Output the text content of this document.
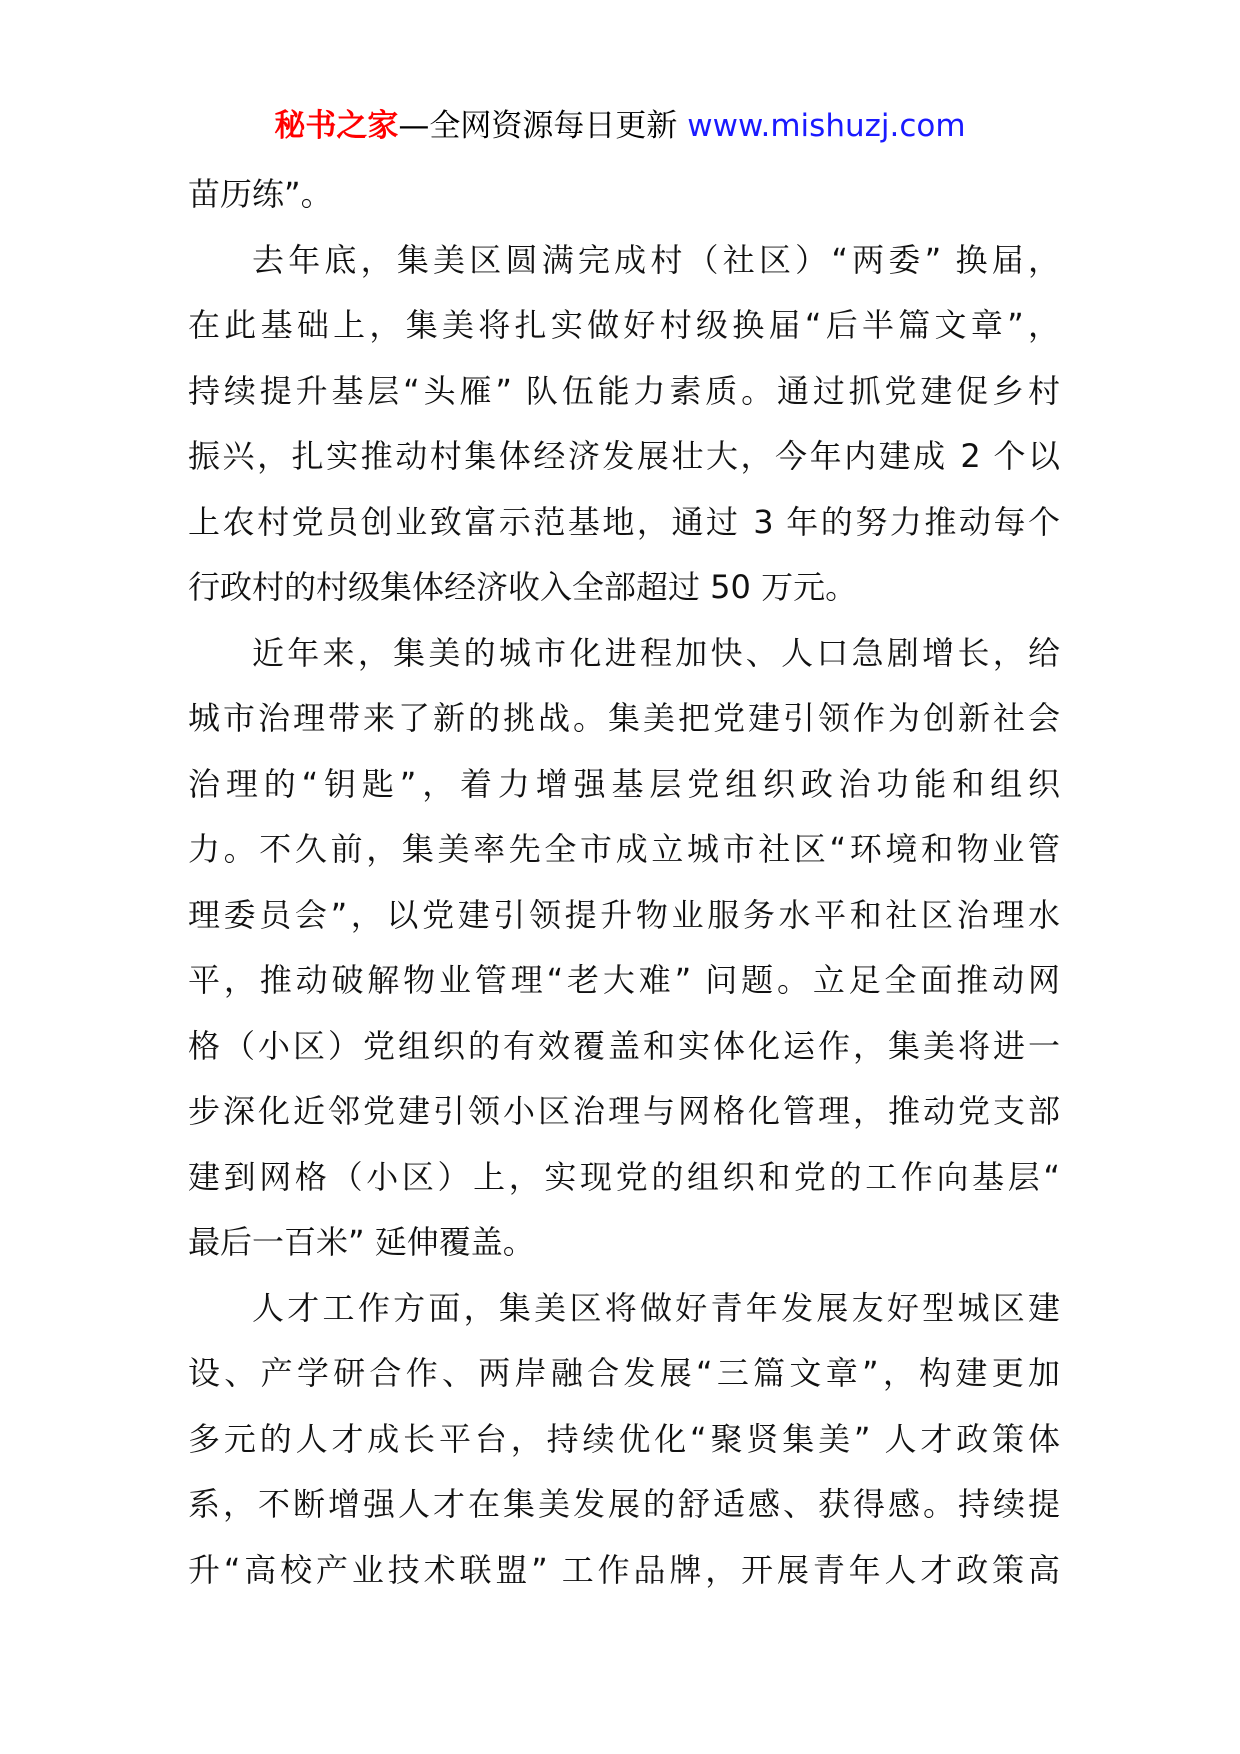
秘书之家—全网资源每日更新 www.mishuzj.com
苗历练”。
去年底，集美区圆满完成村（社区）“两委” 换届，
在此基础上，集美将扎实做好村级换届“后半篇文章”，
持续提升基层“头雁” 队伍能力素质。通过抓党建促乡村
振兴，扎实推动村集体经济发展壮大，今年内建成 2 个以
上农村党员创业致富示范基地，通过 3 年的努力推动每个
行政村的村级集体经济收入全部超过 50 万元。
近年来，集美的城市化进程加快、人口急剧增长，给
城市治理带来了新的挑战。集美把党建引领作为创新社会
治理的“钥匙”，着力增强基层党组织政治功能和组织
力。不久前，集美率先全市成立城市社区“环境和物业管
理委员会”，以党建引领提升物业服务水平和社区治理水
平，推动破解物业管理“老大难” 问题。立足全面推动网
格（小区）党组织的有效覆盖和实体化运作，集美将进一
步深化近邻党建引领小区治理与网格化管理，推动党支部
建到网格（小区）上，实现党的组织和党的工作向基层“
最后一百米” 延伸覆盖。
人才工作方面，集美区将做好青年发展友好型城区建
设、产学研合作、两岸融合发展“三篇文章”，构建更加
多元的人才成长平台，持续优化“聚贤集美” 人才政策体
系，不断增强人才在集美发展的舒适感、获得感。持续提
升“高校产业技术联盟” 工作品牌，开展青年人才政策高
